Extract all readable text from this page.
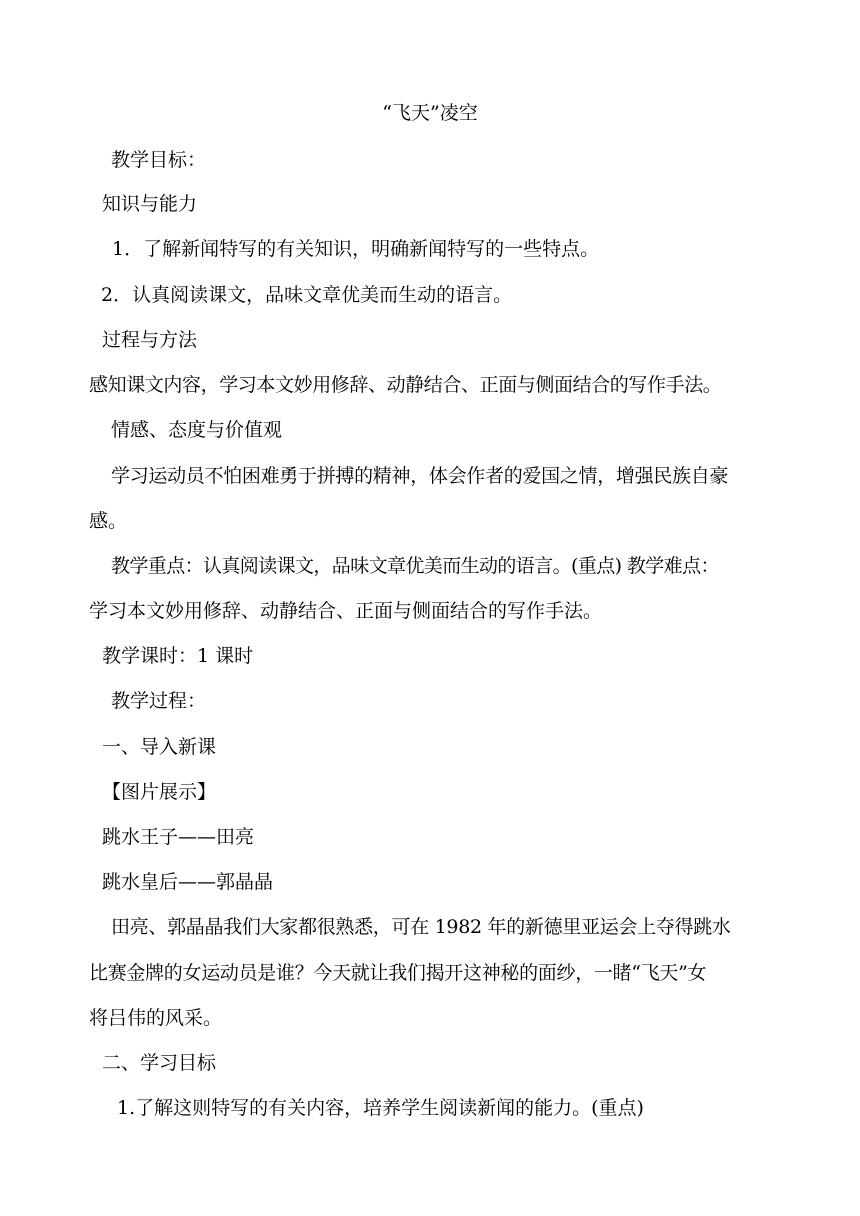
“飞天”凌空
教学目标：
知识与能力
1．了解新闻特写的有关知识，明确新闻特写的一些特点。
2．认真阅读课文，品味文章优美而生动的语言。
过程与方法
感知课文内容，学习本文妙用修辞、动静结合、正面与侧面结合的写作手法。
情感、态度与价值观
学习运动员不怕困难勇于拼搏的精神，体会作者的爱国之情，增强民族自豪
感。
教学重点：认真阅读课文，品味文章优美而生动的语言。(重点) 教学难点：
学习本文妙用修辞、动静结合、正面与侧面结合的写作手法。
教学课时：1 课时
教学过程：
一、导入新课
【图片展示】
跳水王子——田亮
跳水皇后——郭晶晶
田亮、郭晶晶我们大家都很熟悉，可在 1982 年的新德里亚运会上夺得跳水
比赛金牌的女运动员是谁？今天就让我们揭开这神秘的面纱，一睹“飞天”女
将吕伟的风采。
二、学习目标
1.了解这则特写的有关内容，培养学生阅读新闻的能力。(重点)
